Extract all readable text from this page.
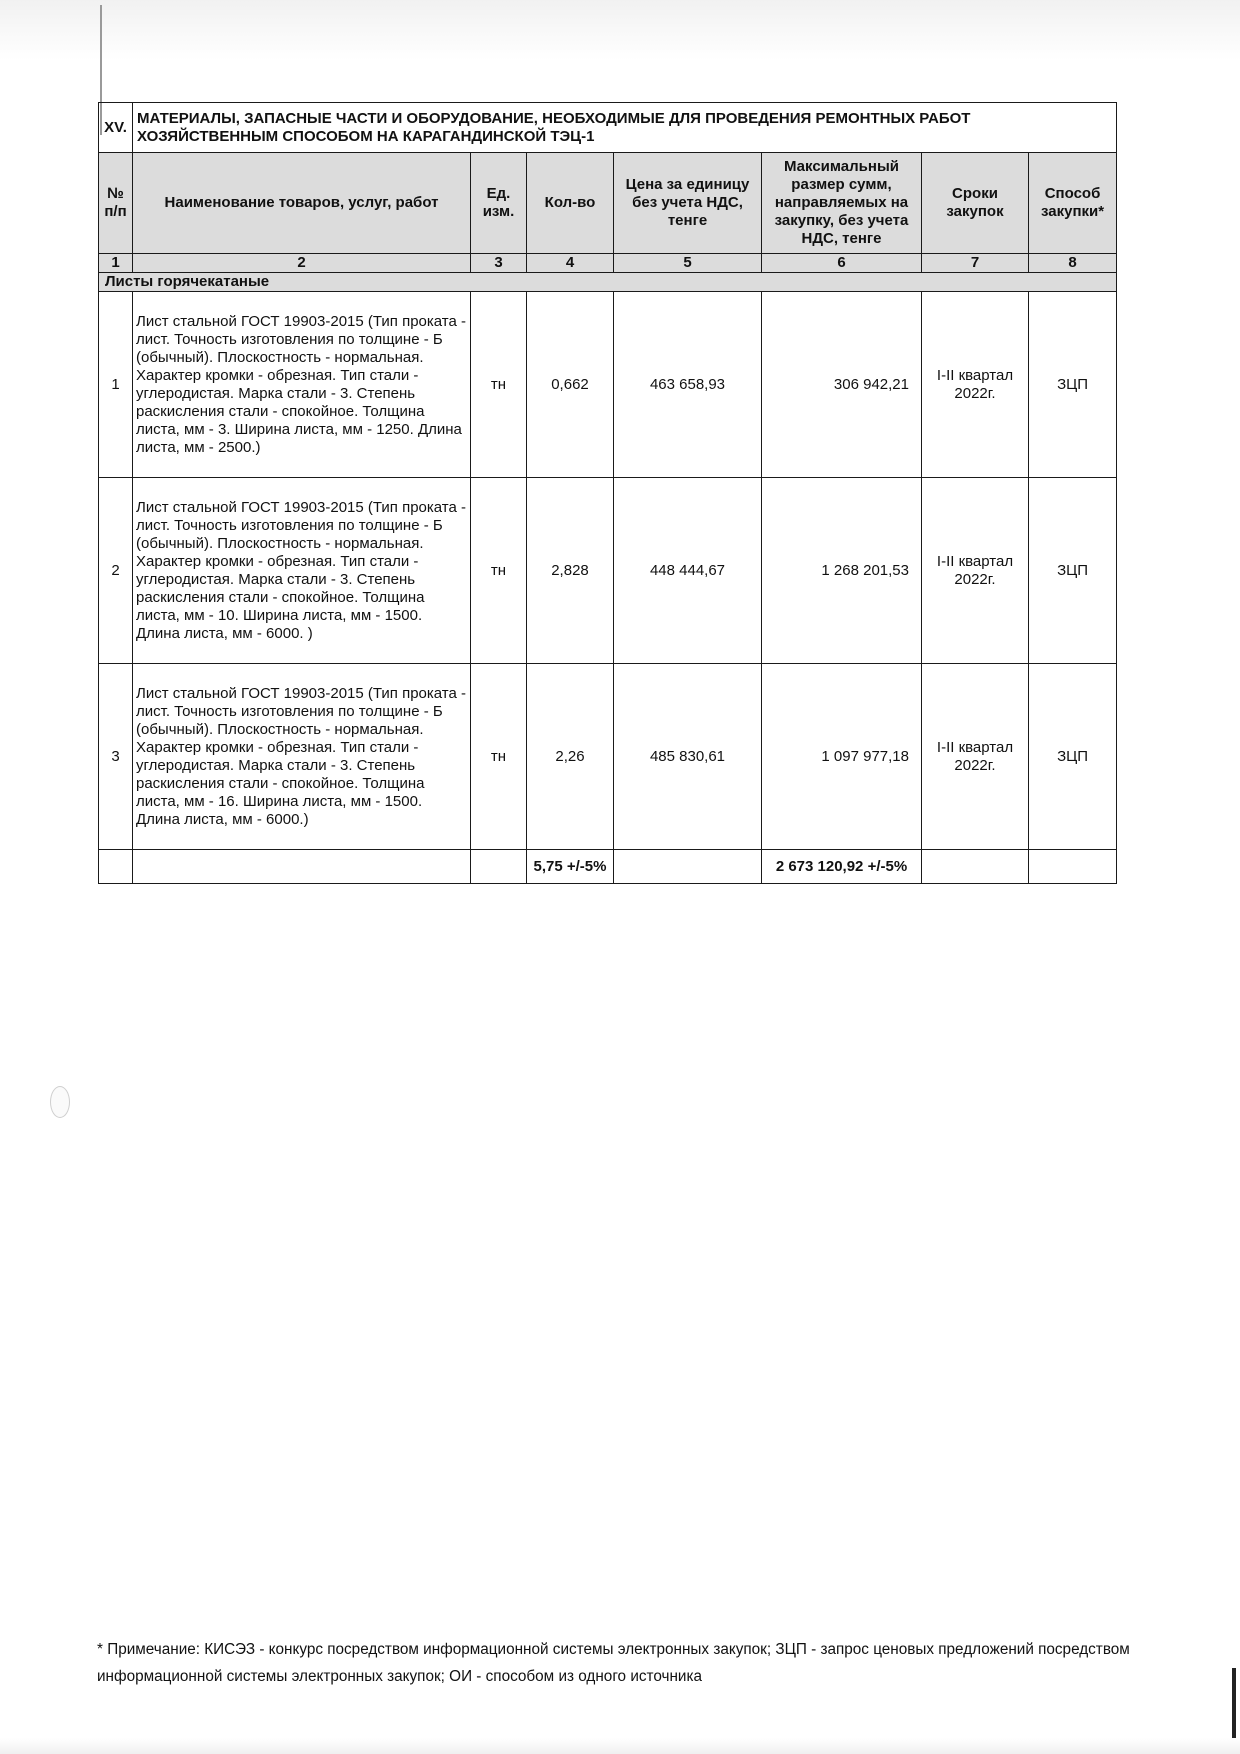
XV.	МАТЕРИАЛЫ, ЗАПАСНЫЕ ЧАСТИ И ОБОРУДОВАНИЕ, НЕОБХОДИМЫЕ ДЛЯ ПРОВЕДЕНИЯ РЕМОНТНЫХ РАБОТ ХОЗЯЙСТВЕННЫМ СПОСОБОМ НА КАРАГАНДИНСКОЙ ТЭЦ-1						
№ п/п	Наименование товаров, услуг, работ	Ед. изм.	Кол-во	Цена за единицу без учета НДС, тенге	Максимальный размер сумм, направляемых на закупку, без учета НДС, тенге	Сроки закупок	Способ закупки*
1	2	3	4	5	6	7	8
Листы горячекатаные							
1	Лист стальной ГОСТ 19903-2015 (Тип проката - лист. Точность изготовления по толщине - Б (обычный). Плоскостность - нормальная. Характер кромки - обрезная. Тип стали - углеродистая. Марка стали - 3. Степень раскисления стали - спокойное. Толщина листа, мм - 3. Ширина листа, мм - 1250. Длина листа, мм - 2500.)	тн	0,662	463 658,93	306 942,21	I-II квартал 2022г.	ЗЦП
2	Лист стальной ГОСТ 19903-2015 (Тип проката - лист. Точность изготовления по толщине - Б (обычный). Плоскостность - нормальная. Характер кромки - обрезная. Тип стали - углеродистая. Марка стали - 3. Степень раскисления стали - спокойное. Толщина листа, мм - 10. Ширина листа, мм - 1500. Длина листа, мм - 6000. )	тн	2,828	448 444,67	1 268 201,53	I-II квартал 2022г.	ЗЦП
3	Лист стальной ГОСТ 19903-2015 (Тип проката - лист. Точность изготовления по толщине - Б (обычный). Плоскостность - нормальная. Характер кромки - обрезная. Тип стали - углеродистая. Марка стали - 3. Степень раскисления стали - спокойное. Толщина листа, мм - 16. Ширина листа, мм - 1500. Длина листа, мм - 6000.)	тн	2,26	485 830,61	1 097 977,18	I-II квартал 2022г.	ЗЦП
			5,75 +/-5%		2 673 120,92 +/-5%		
* Примечание: КИСЭЗ - конкурс посредством информационной системы электронных закупок; ЗЦП - запрос ценовых предложений посредством информационной системы электронных закупок; ОИ - способом из одного источника
